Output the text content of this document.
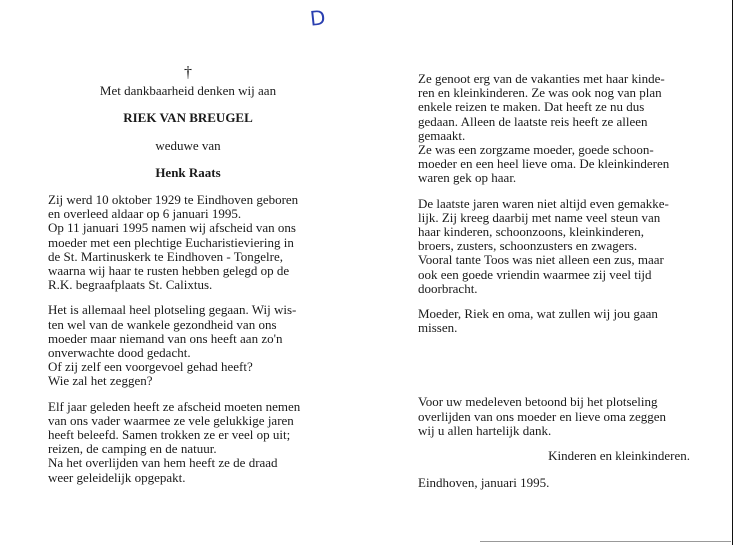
D
†
Met dankbaarheid denken wij aan
RIEK VAN BREUGEL
weduwe van
Henk Raats
Zij werd 10 oktober 1929 te Eindhoven geboren
en overleed aldaar op 6 januari 1995.
Op 11 januari 1995 namen wij afscheid van ons
moeder met een plechtige Eucharistieviering in
de St. Martinuskerk te Eindhoven - Tongelre,
waarna wij haar te rusten hebben gelegd op de
R.K. begraafplaats St. Calixtus.
Het is allemaal heel plotseling gegaan. Wij wis-
ten wel van de wankele gezondheid van ons
moeder maar niemand van ons heeft aan zo'n
onverwachte dood gedacht.
Of zij zelf een voorgevoel gehad heeft?
Wie zal het zeggen?
Elf jaar geleden heeft ze afscheid moeten nemen
van ons vader waarmee ze vele gelukkige jaren
heeft beleefd. Samen trokken ze er veel op uit;
reizen, de camping en de natuur.
Na het overlijden van hem heeft ze de draad
weer geleidelijk opgepakt.
Ze genoot erg van de vakanties met haar kinde-
ren en kleinkinderen. Ze was ook nog van plan
enkele reizen te maken. Dat heeft ze nu dus
gedaan. Alleen de laatste reis heeft ze alleen
gemaakt.
Ze was een zorgzame moeder, goede schoon-
moeder en een heel lieve oma. De kleinkinderen
waren gek op haar.
De laatste jaren waren niet altijd even gemakke-
lijk. Zij kreeg daarbij met name veel steun van
haar kinderen, schoonzoons, kleinkinderen,
broers, zusters, schoonzusters en zwagers.
Vooral tante Toos was niet alleen een zus, maar
ook een goede vriendin waarmee zij veel tijd
doorbracht.
Moeder, Riek en oma, wat zullen wij jou gaan
missen.
Voor uw medeleven betoond bij het plotseling
overlijden van ons moeder en lieve oma zeggen
wij u allen hartelijk dank.
Kinderen en kleinkinderen.
Eindhoven, januari 1995.
